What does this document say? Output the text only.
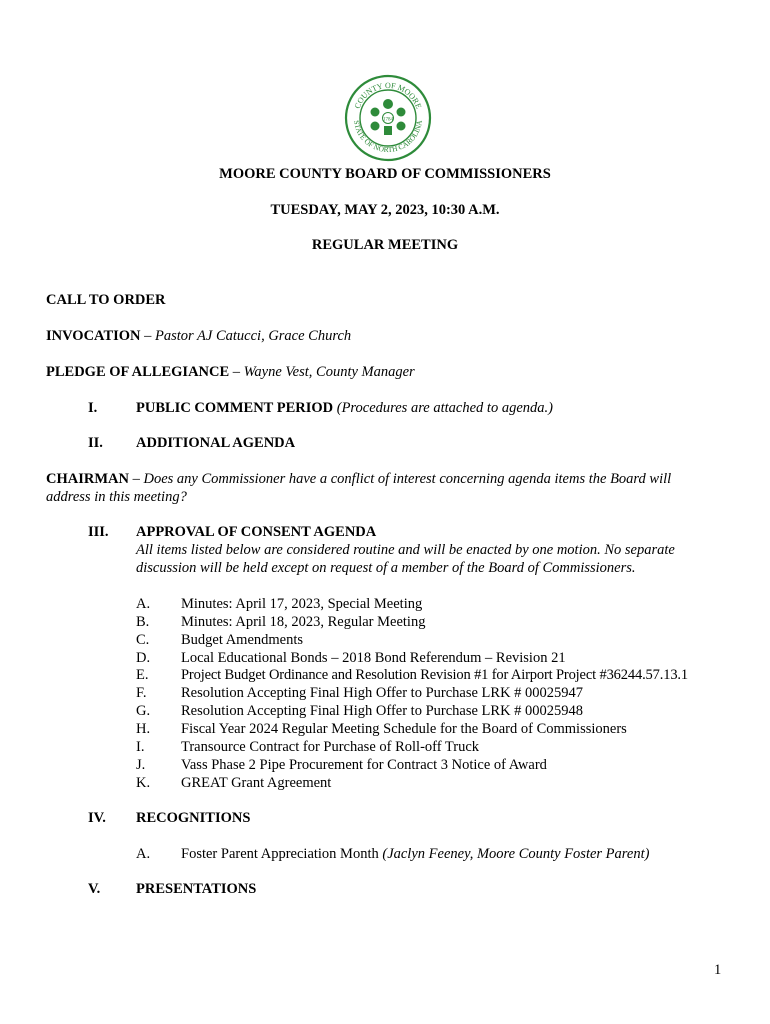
COUNTY OF MOORE
STATE OF NORTH CAROLINA
1784
MOORE COUNTY BOARD OF COMMISSIONERS
TUESDAY, MAY 2, 2023, 10:30 A.M.
REGULAR MEETING
CALL TO ORDER
INVOCATION – Pastor AJ Catucci, Grace Church
PLEDGE OF ALLEGIANCE – Wayne Vest, County Manager
I.	PUBLIC COMMENT PERIOD (Procedures are attached to agenda.)
II. ADDITIONAL AGENDA
CHAIRMAN – Does any Commissioner have a conflict of interest concerning agenda items the Board will
address in this meeting?
III. APPROVAL OF CONSENT AGENDA
All items listed below are considered routine and will be enacted by one motion. No separate
discussion will be held except on request of a member of the Board of Commissioners.
A. Minutes: April 17, 2023, Special Meeting
B. Minutes: April 18, 2023, Regular Meeting
C. Budget Amendments
D. Local Educational Bonds – 2018 Bond Referendum – Revision 21
E. Project Budget Ordinance and Resolution Revision #1 for Airport Project #36244.57.13.1
F. Resolution Accepting Final High Offer to Purchase LRK # 00025947
G. Resolution Accepting Final High Offer to Purchase LRK # 00025948
H. Fiscal Year 2024 Regular Meeting Schedule for the Board of Commissioners
I.	Transource Contract for Purchase of Roll-off Truck
J. Vass Phase 2 Pipe Procurement for Contract 3 Notice of Award
K. GREAT Grant Agreement
IV. RECOGNITIONS
A. Foster Parent Appreciation Month (Jaclyn Feeney, Moore County Foster Parent)
V. PRESENTATIONS
1
